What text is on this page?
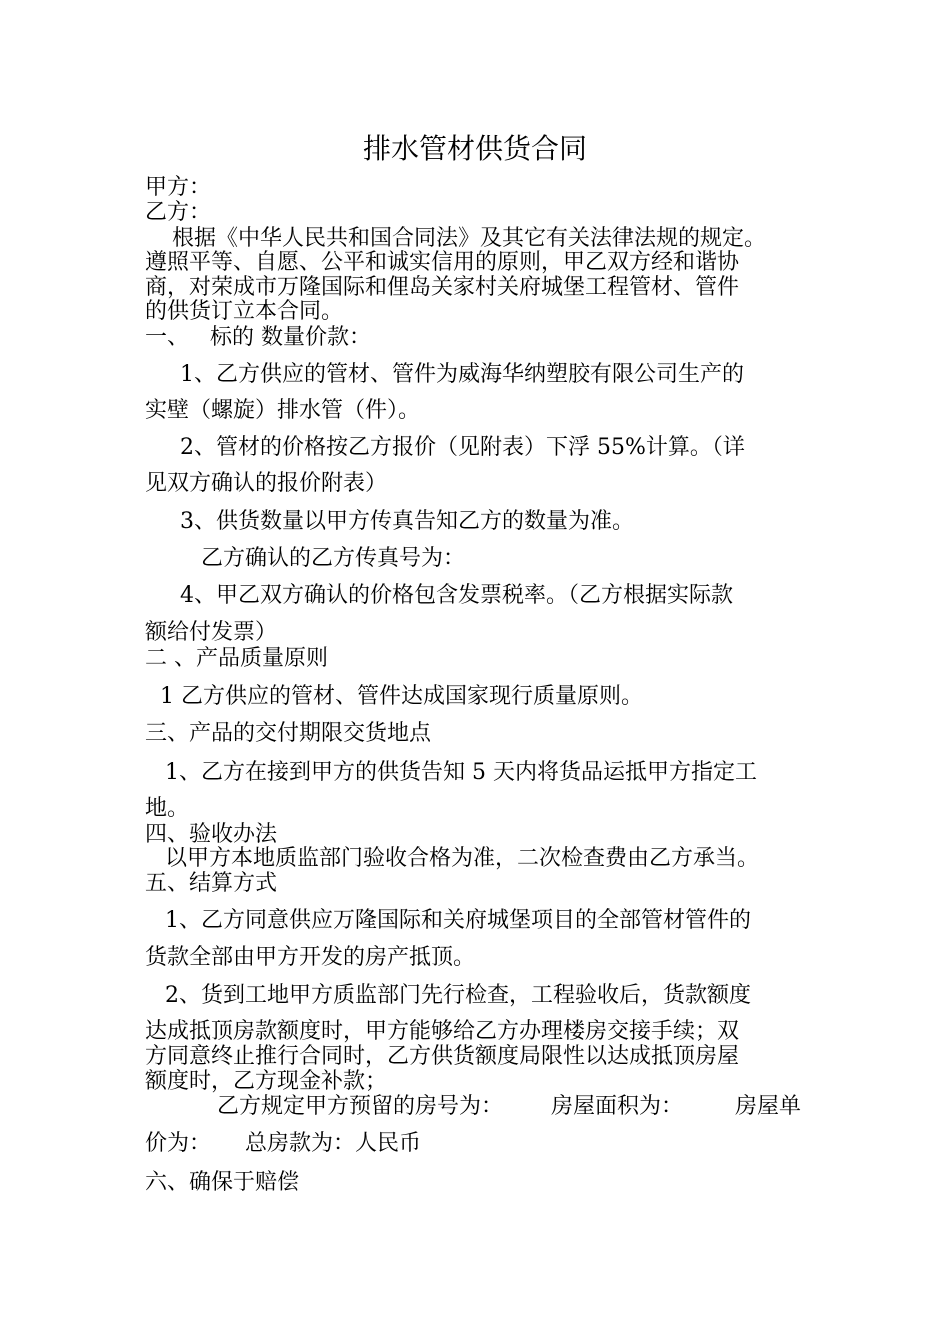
排水管材供货合同
甲方：
乙方：
根据《中华人民共和国合同法》及其它有关法律法规的规定。
遵照平等、自愿、公平和诚实信用的原则，甲乙双方经和谐协
商，对荣成市万隆国际和俚岛关家村关府城堡工程管材、管件
的供货订立本合同。
一、   标的 数量价款：
1、乙方供应的管材、管件为威海华纳塑胶有限公司生产的
实壁（螺旋）排水管（件）。
2、管材的价格按乙方报价（见附表）下浮 55%计算。（详
见双方确认的报价附表）
3、供货数量以甲方传真告知乙方的数量为准。
乙方确认的乙方传真号为：
4、甲乙双方确认的价格包含发票税率。（乙方根据实际款
额给付发票）
二 、产品质量原则
1 乙方供应的管材、管件达成国家现行质量原则。
三、产品的交付期限交货地点
1、乙方在接到甲方的供货告知 5 天内将货品运抵甲方指定工
地。
四、验收办法
以甲方本地质监部门验收合格为准，二次检查费由乙方承当。
五、结算方式
1、乙方同意供应万隆国际和关府城堡项目的全部管材管件的
货款全部由甲方开发的房产抵顶。
2、货到工地甲方质监部门先行检查，工程验收后，货款额度
达成抵顶房款额度时，甲方能够给乙方办理楼房交接手续；双
方同意终止推行合同时，乙方供货额度局限性以达成抵顶房屋
额度时，乙方现金补款；
乙方规定甲方预留的房号为： 房屋面积为： 房屋单
价为： 总房款为：人民币
六、确保于赔偿
